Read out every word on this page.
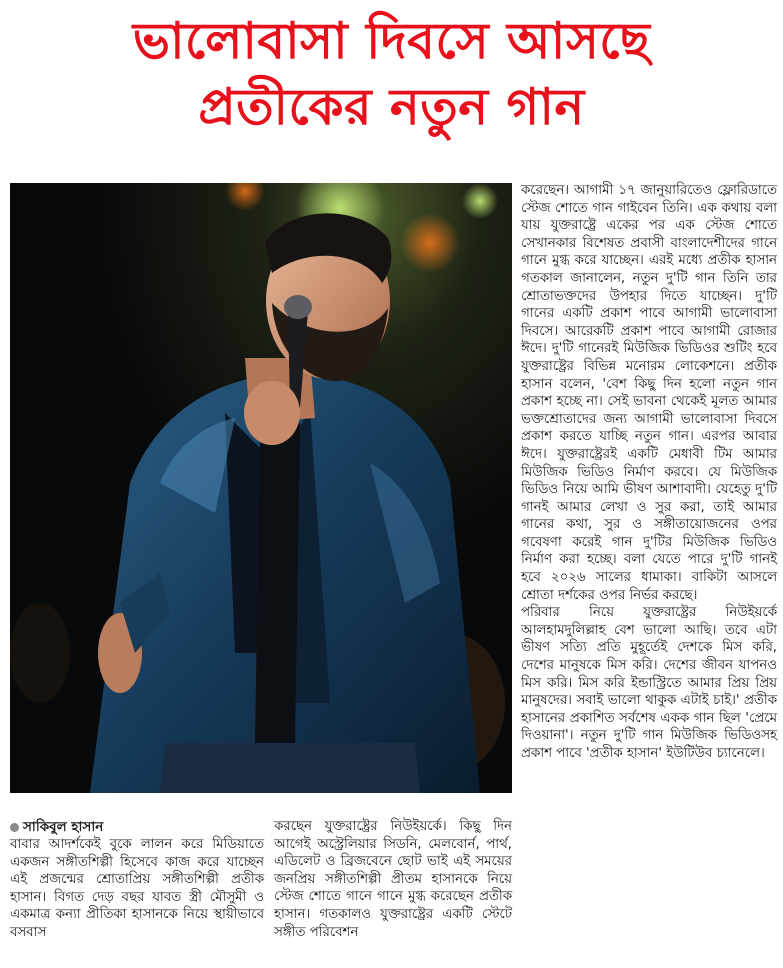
ভালোবাসা দিবসে আসছে
প্রতীকের নতুন গান

করেছেন। আগামী ১৭ জানুয়ারিতেও ফ্লোরিডাতে স্টেজ শোতে গান গাইবেন তিনি। এক কথায় বলা যায় যুক্তরাষ্ট্রে একের পর এক স্টেজ শোতে সেখানকার বিশেষত প্রবাসী বাংলাদেশীদের গানে গানে মুগ্ধ করে যাচ্ছেন। এরই মধ্যে প্রতীক হাসান গতকাল জানালেন, নতুন দু'টি গান তিনি তার শ্রোতাভক্তদের উপহার দিতে যাচ্ছেন। দু'টি গানের একটি প্রকাশ পাবে আগামী ভালোবাসা দিবসে। আরেকটি প্রকাশ পাবে আগামী রোজার ঈদে। দু'টি গানেরই মিউজিক ভিডিওর শুটিং হবে যুক্তরাষ্ট্রের বিভিন্ন মনোরম লোকেশনে। প্রতীক হাসান বলেন, 'বেশ কিছু দিন হলো নতুন গান প্রকাশ হচ্ছে না। সেই ভাবনা থেকেই মূলত আমার ভক্তশ্রোতাদের জন্য আগামী ভালোবাসা দিবসে প্রকাশ করতে যাচ্ছি নতুন গান। এরপর আবার ঈদে। যুক্তরাষ্ট্রেরই একটি মেধাবী টিম আমার মিউজিক ভিডিও নির্মাণ করবে। যে মিউজিক ভিডিও নিয়ে আমি ভীষণ আশাবাদী। যেহেতু দু'টি গানই আমার লেখা ও সুর করা, তাই আমার গানের কথা, সুর ও সঙ্গীতায়োজনের ওপর গবেষণা করেই গান দু'টির মিউজিক ভিডিও নির্মাণ করা হচ্ছে। বলা যেতে পারে দু'টি গানই হবে ২০২৬ সালের ধামাকা। বাকিটা আসলে শ্রোতা দর্শকের ওপর নির্ভর করছে।

পরিবার নিয়ে যুক্তরাষ্ট্রের নিউইয়র্কে আলহামদুলিল্লাহ বেশ ভালো আছি। তবে এটা ভীষণ সত্যি প্রতি মুহূর্তেই দেশকে মিস করি, দেশের মানুষকে মিস করি। দেশের জীবন যাপনও মিস করি। মিস করি ইন্ডাস্ট্রিতে আমার প্রিয় প্রিয় মানুষদের। সবাই ভালো থাকুক এটাই চাই।' প্রতীক হাসানের প্রকাশিত সর্বশেষ একক গান ছিল 'প্রেমে দিওয়ানা'। নতুন দু'টি গান মিউজিক ভিডিওসহ প্রকাশ পাবে 'প্রতীক হাসান' ইউটিউব চ্যানেলে।

সাকিবুল হাসান

বাবার আদর্শকেই বুকে লালন করে মিডিয়াতে একজন সঙ্গীতশিল্পী হিসেবে কাজ করে যাচ্ছেন এই প্রজন্মের শ্রোতাপ্রিয় সঙ্গীতশিল্পী প্রতীক হাসান। বিগত দেড় বছর যাবত স্ত্রী মৌসুমী ও একমাত্র কন্যা প্রীতিকা হাসানকে নিয়ে স্থায়ীভাবে বসবাস

করছেন যুক্তরাষ্ট্রের নিউইয়র্কে। কিছু দিন আগেই অস্ট্রেলিয়ার সিডনি, মেলবোর্ন, পার্থ, এডিলেট ও ব্রিজবেনে ছোট ভাই এই সময়ের জনপ্রিয় সঙ্গীতশিল্পী প্রীতম হাসানকে নিয়ে স্টেজ শোতে গানে গানে মুগ্ধ করেছেন প্রতীক হাসান। গতকালও যুক্তরাষ্ট্রের একটি স্টেটে সঙ্গীত পরিবেশন
